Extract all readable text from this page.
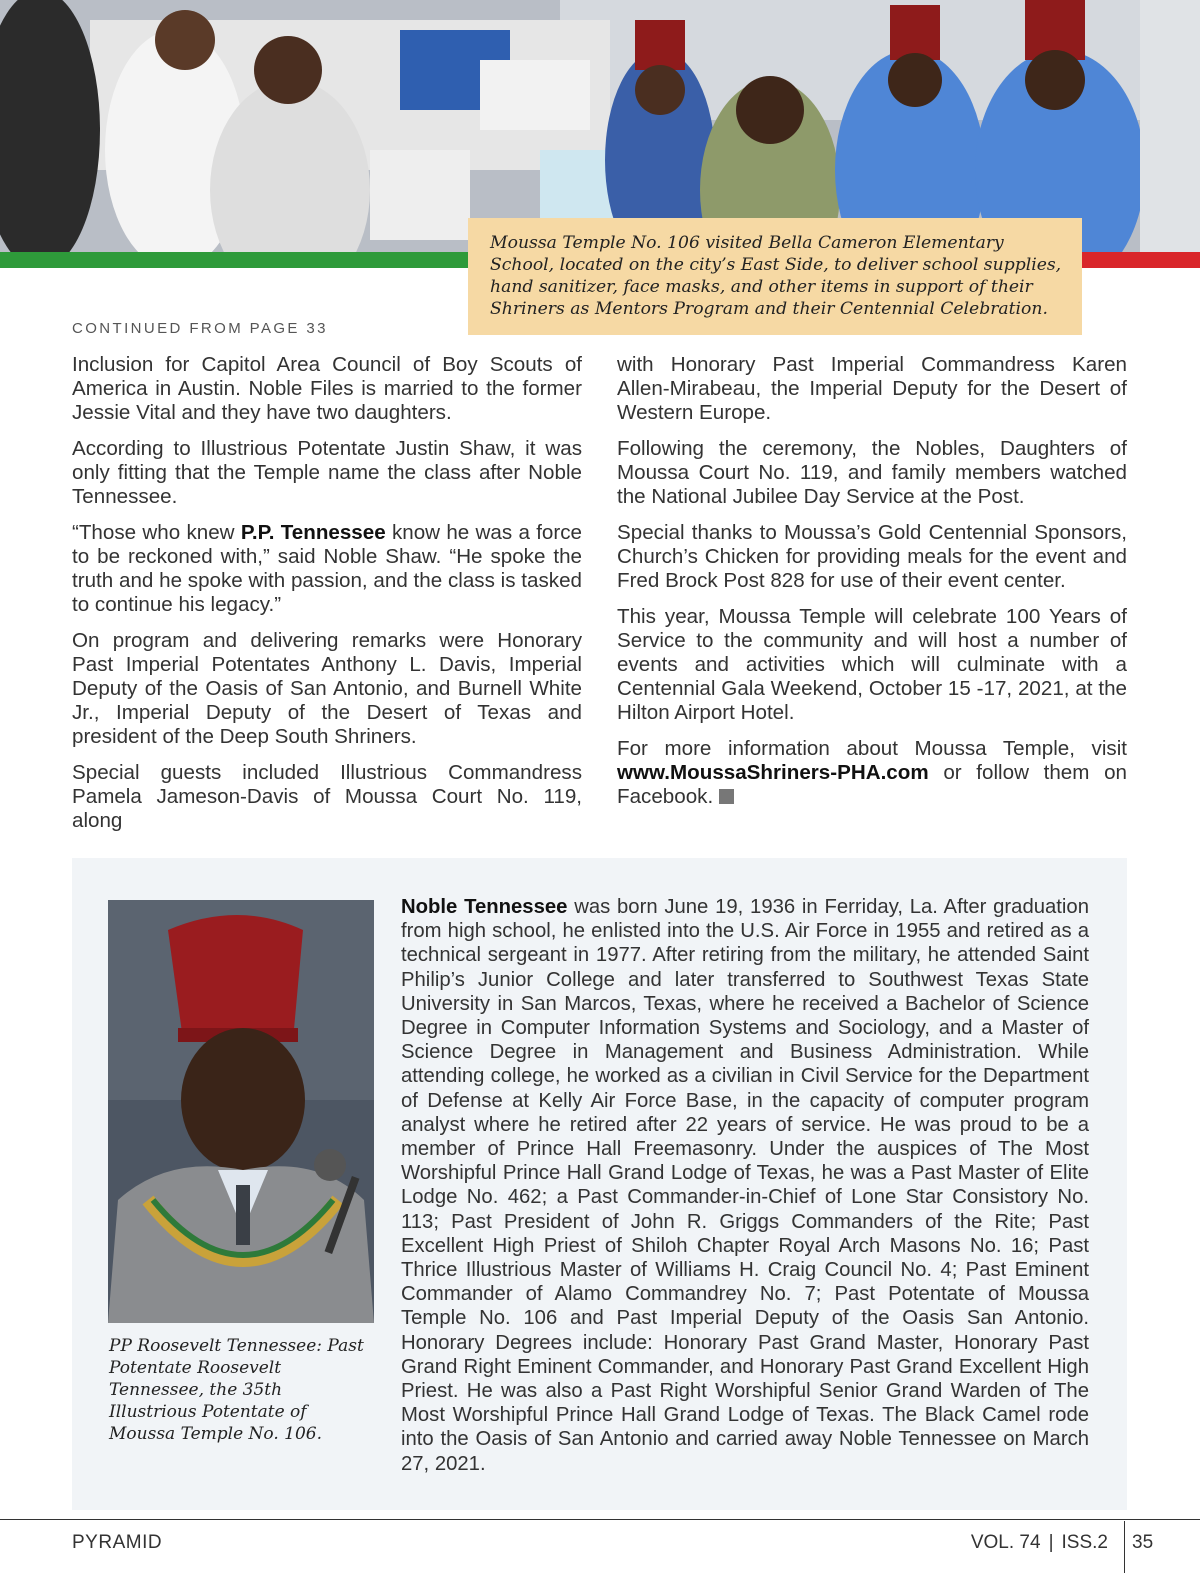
Moussa Temple No. 106 visited Bella Cameron Elementary School, located on the city’s East Side, to deliver school supplies, hand sanitizer, face masks, and other items in support of their Shriners as Mentors Program and their Centennial Celebration.

CONTINUED FROM PAGE 33

Inclusion for Capitol Area Council of Boy Scouts of America in Austin. Noble Files is married to the former Jessie Vital and they have two daughters.

According to Illustrious Potentate Justin Shaw, it was only fitting that the Temple name the class after Noble Tennessee.

“Those who knew P.P. Tennessee know he was a force to be reckoned with,” said Noble Shaw. “He spoke the truth and he spoke with passion, and the class is tasked to continue his legacy.”

On program and delivering remarks were Honorary Past Imperial Potentates Anthony L. Davis, Imperial Deputy of the Oasis of San Antonio, and Burnell White Jr., Imperial Deputy of the Desert of Texas and president of the Deep South Shriners.

Special guests included Illustrious Commandress Pamela Jameson-Davis of Moussa Court No. 119, along

with Honorary Past Imperial Commandress Karen Allen-Mirabeau, the Imperial Deputy for the Desert of Western Europe.

Following the ceremony, the Nobles, Daughters of Moussa Court No. 119, and family members watched the National Jubilee Day Service at the Post.

Special thanks to Moussa’s Gold Centennial Sponsors, Church’s Chicken for providing meals for the event and Fred Brock Post 828 for use of their event center.

This year, Moussa Temple will celebrate 100 Years of Service to the community and will host a number of events and activities which will culminate with a Centennial Gala Weekend, October 15 -17, 2021, at the Hilton Airport Hotel.

For more information about Moussa Temple, visit www.MoussaShriners-PHA.com or follow them on Facebook.

PP Roosevelt Tennessee: Past Potentate Roosevelt Tennessee, the 35th Illustrious Potentate of Moussa Temple No. 106.

Noble Tennessee was born June 19, 1936 in Ferriday, La. After graduation from high school, he enlisted into the U.S. Air Force in 1955 and retired as a technical sergeant in 1977. After retiring from the military, he attended Saint Philip’s Junior College and later transferred to Southwest Texas State University in San Marcos, Texas, where he received a Bachelor of Science Degree in Computer Information Systems and Sociology, and a Master of Science Degree in Management and Business Administration. While attending college, he worked as a civilian in Civil Service for the Department of Defense at Kelly Air Force Base, in the capacity of computer program analyst where he retired after 22 years of service. He was proud to be a member of Prince Hall Freemasonry. Under the auspices of The Most Worshipful Prince Hall Grand Lodge of Texas, he was a Past Master of Elite Lodge No. 462; a Past Commander-in-Chief of Lone Star Consistory No. 113; Past President of John R. Griggs Commanders of the Rite; Past Excellent High Priest of Shiloh Chapter Royal Arch Masons No. 16; Past Thrice Illustrious Master of Williams H. Craig Council No. 4; Past Eminent Commander of Alamo Commandrey No. 7; Past Potentate of Moussa Temple No. 106 and Past Imperial Deputy of the Oasis San Antonio. Honorary Degrees include: Honorary Past Grand Master, Honorary Past Grand Right Eminent Commander, and Honorary Past Grand Excellent High Priest. He was also a Past Right Worshipful Senior Grand Warden of The Most Worshipful Prince Hall Grand Lodge of Texas. The Black Camel rode into the Oasis of San Antonio and carried away Noble Tennessee on March 27, 2021.

PYRAMID	VOL. 74 | ISS.2 35
